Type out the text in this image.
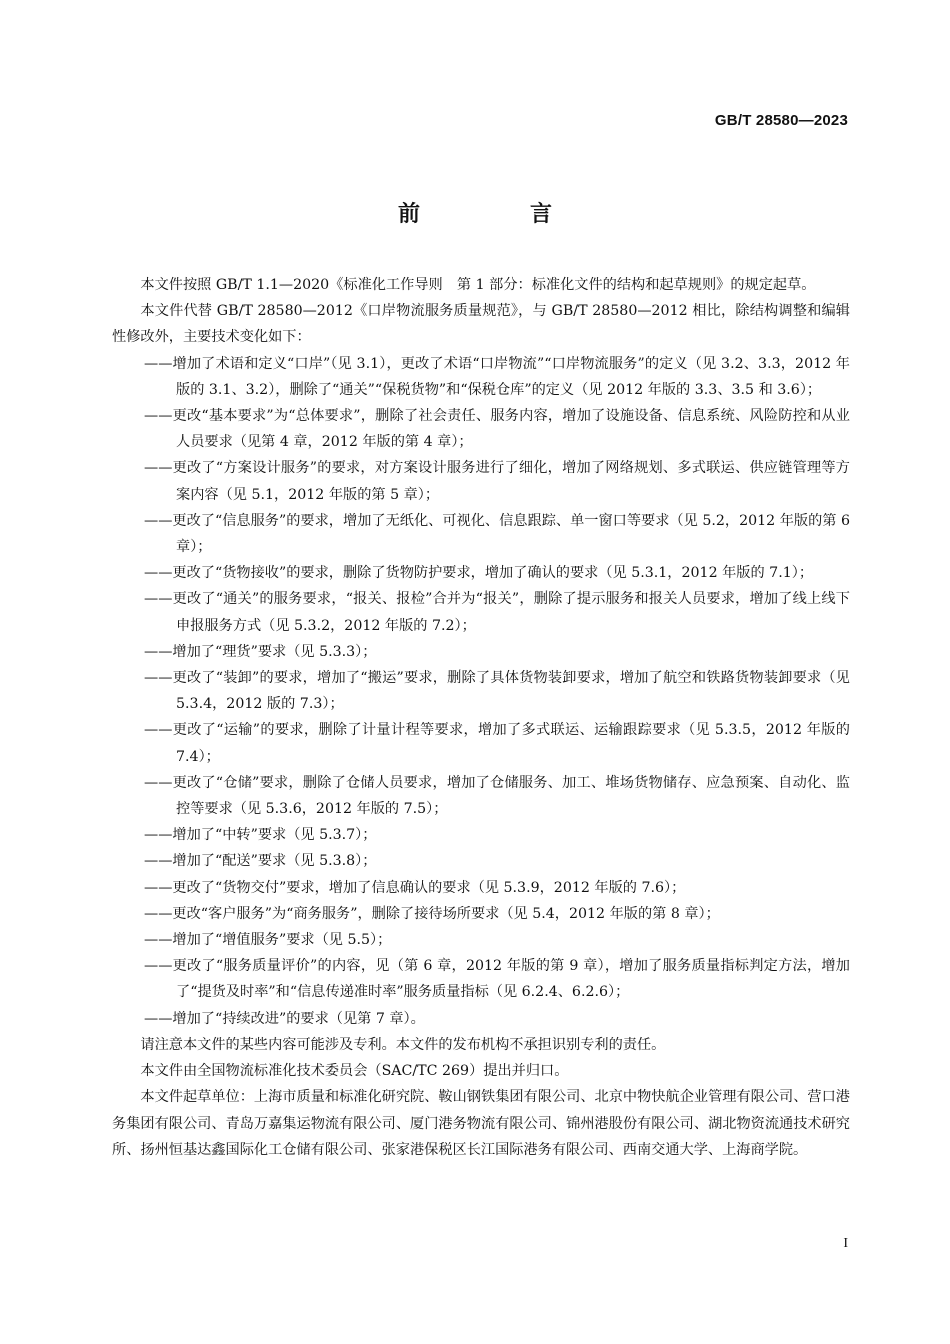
GB/T 28580—2023
前　言

本文件按照 GB/T 1.1—2020《标准化工作导则　第 1 部分：标准化文件的结构和起草规则》的规定起草。

本文件代替 GB/T 28580—2012《口岸物流服务质量规范》，与 GB/T 28580—2012 相比，除结构调整和编辑性修改外，主要技术变化如下：

——增加了术语和定义“口岸”（见 3.1），更改了术语“口岸物流”“口岸物流服务”的定义（见 3.2、3.3，2012 年版的 3.1、3.2），删除了“通关”“保税货物”和“保税仓库”的定义（见 2012 年版的 3.3、3.5 和 3.6）；

——更改“基本要求”为“总体要求”，删除了社会责任、服务内容，增加了设施设备、信息系统、风险防控和从业人员要求（见第 4 章，2012 年版的第 4 章）；

——更改了“方案设计服务”的要求，对方案设计服务进行了细化，增加了网络规划、多式联运、供应链管理等方案内容（见 5.1，2012 年版的第 5 章）；

——更改了“信息服务”的要求，增加了无纸化、可视化、信息跟踪、单一窗口等要求（见 5.2，2012 年版的第 6 章）；

——更改了“货物接收”的要求，删除了货物防护要求，增加了确认的要求（见 5.3.1，2012 年版的 7.1）；

——更改了“通关”的服务要求，“报关、报检”合并为“报关”，删除了提示服务和报关人员要求，增加了线上线下申报服务方式（见 5.3.2，2012 年版的 7.2）；

——增加了“理货”要求（见 5.3.3）；

——更改了“装卸”的要求，增加了“搬运”要求，删除了具体货物装卸要求，增加了航空和铁路货物装卸要求（见 5.3.4，2012 版的 7.3）；

——更改了“运输”的要求，删除了计量计程等要求，增加了多式联运、运输跟踪要求（见 5.3.5，2012 年版的 7.4）；

——更改了“仓储”要求，删除了仓储人员要求，增加了仓储服务、加工、堆场货物储存、应急预案、自动化、监控等要求（见 5.3.6，2012 年版的 7.5）；

——增加了“中转”要求（见 5.3.7）；

——增加了“配送”要求（见 5.3.8）；

——更改了“货物交付”要求，增加了信息确认的要求（见 5.3.9，2012 年版的 7.6）；

——更改“客户服务”为“商务服务”，删除了接待场所要求（见 5.4，2012 年版的第 8 章）；

——增加了“增值服务”要求（见 5.5）；

——更改了“服务质量评价”的内容，见（第 6 章，2012 年版的第 9 章），增加了服务质量指标判定方法，增加了“提货及时率”和“信息传递准时率”服务质量指标（见 6.2.4、6.2.6）；

——增加了“持续改进”的要求（见第 7 章）。

请注意本文件的某些内容可能涉及专利。本文件的发布机构不承担识别专利的责任。

本文件由全国物流标准化技术委员会（SAC/TC 269）提出并归口。

本文件起草单位：上海市质量和标准化研究院、鞍山钢铁集团有限公司、北京中物快航企业管理有限公司、营口港务集团有限公司、青岛万嘉集运物流有限公司、厦门港务物流有限公司、锦州港股份有限公司、湖北物资流通技术研究所、扬州恒基达鑫国际化工仓储有限公司、张家港保税区长江国际港务有限公司、西南交通大学、上海商学院。

I
